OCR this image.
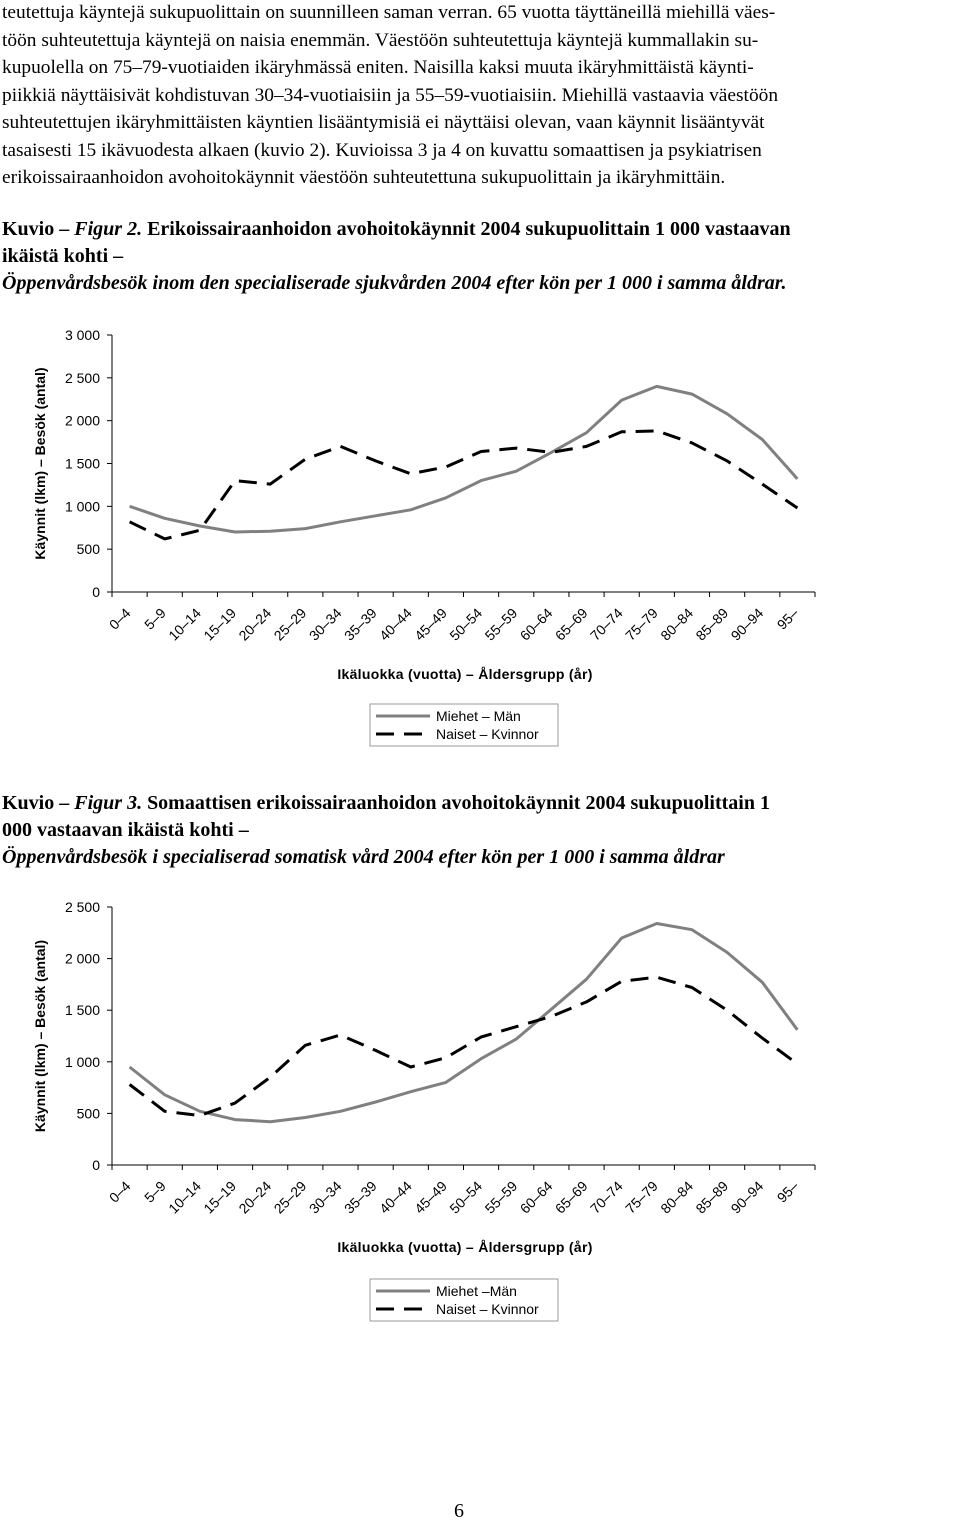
teutettuja käyntejä sukupuolittain on suunnilleen saman verran. 65 vuotta täyttäneillä miehillä väes-
töön suhteutettuja käyntejä on naisia enemmän. Väestöön suhteutettuja käyntejä kummallakin su-
kupuolella on 75–79-vuotiaiden ikäryhmässä eniten. Naisilla kaksi muuta ikäryhmittäistä käynti-
piikkiä näyttäisivät kohdistuvan 30–34-vuotiaisiin ja 55–59-vuotiaisiin. Miehillä vastaavia väestöön
suhteutettujen ikäryhmittäisten käyntien lisääntymisiä ei näyttäisi olevan, vaan käynnit lisääntyvät
tasaisesti 15 ikävuodesta alkaen (kuvio 2). Kuvioissa 3 ja 4 on kuvattu somaattisen ja psykiatrisen
erikoissairaanhoidon avohoitokäynnit väestöön suhteutettuna sukupuolittain ja ikäryhmittäin.
Kuvio – Figur 2. Erikoissairaanhoidon avohoitokäynnit 2004 sukupuolittain 1 000 vastaavan
ikäistä kohti –
Öppenvårdsbesök inom den specialiserade sjukvården 2004 efter kön per 1 000 i samma åldrar.
0
500
1 000
1 500
2 000
2 500
3 000
0–4 5–9
10–14
15–19
20–24
25–29
30–34
35–39
40–44
45–49
50–54
55–59
60–64
65–69
70–74
75–79
80–84
85–89
90–94 95–
Käynnit (lkm) – Besök (antal)
Ikäluokka (vuotta) – Åldersgrupp (år)
Miehet – Män
Naiset – Kvinnor
Kuvio – Figur 3. Somaattisen erikoissairaanhoidon avohoitokäynnit 2004 sukupuolittain 1
000 vastaavan ikäistä kohti –
Öppenvårdsbesök i specialiserad somatisk vård 2004 efter kön per 1 000 i samma åldrar
0
500
1 000
1 500
2 000
2 500
0–4 5–9
10–14
15–19
20–24
25–29
30–34
35–39
40–44
45–49
50–54
55–59
60–64
65–69
70–74
75–79
80–84
85–89
90–94 95–
Käynnit (lkm) – Besök (antal)
Ikäluokka (vuotta) – Åldersgrupp (år)
Miehet –Män
Naiset – Kvinnor
6
